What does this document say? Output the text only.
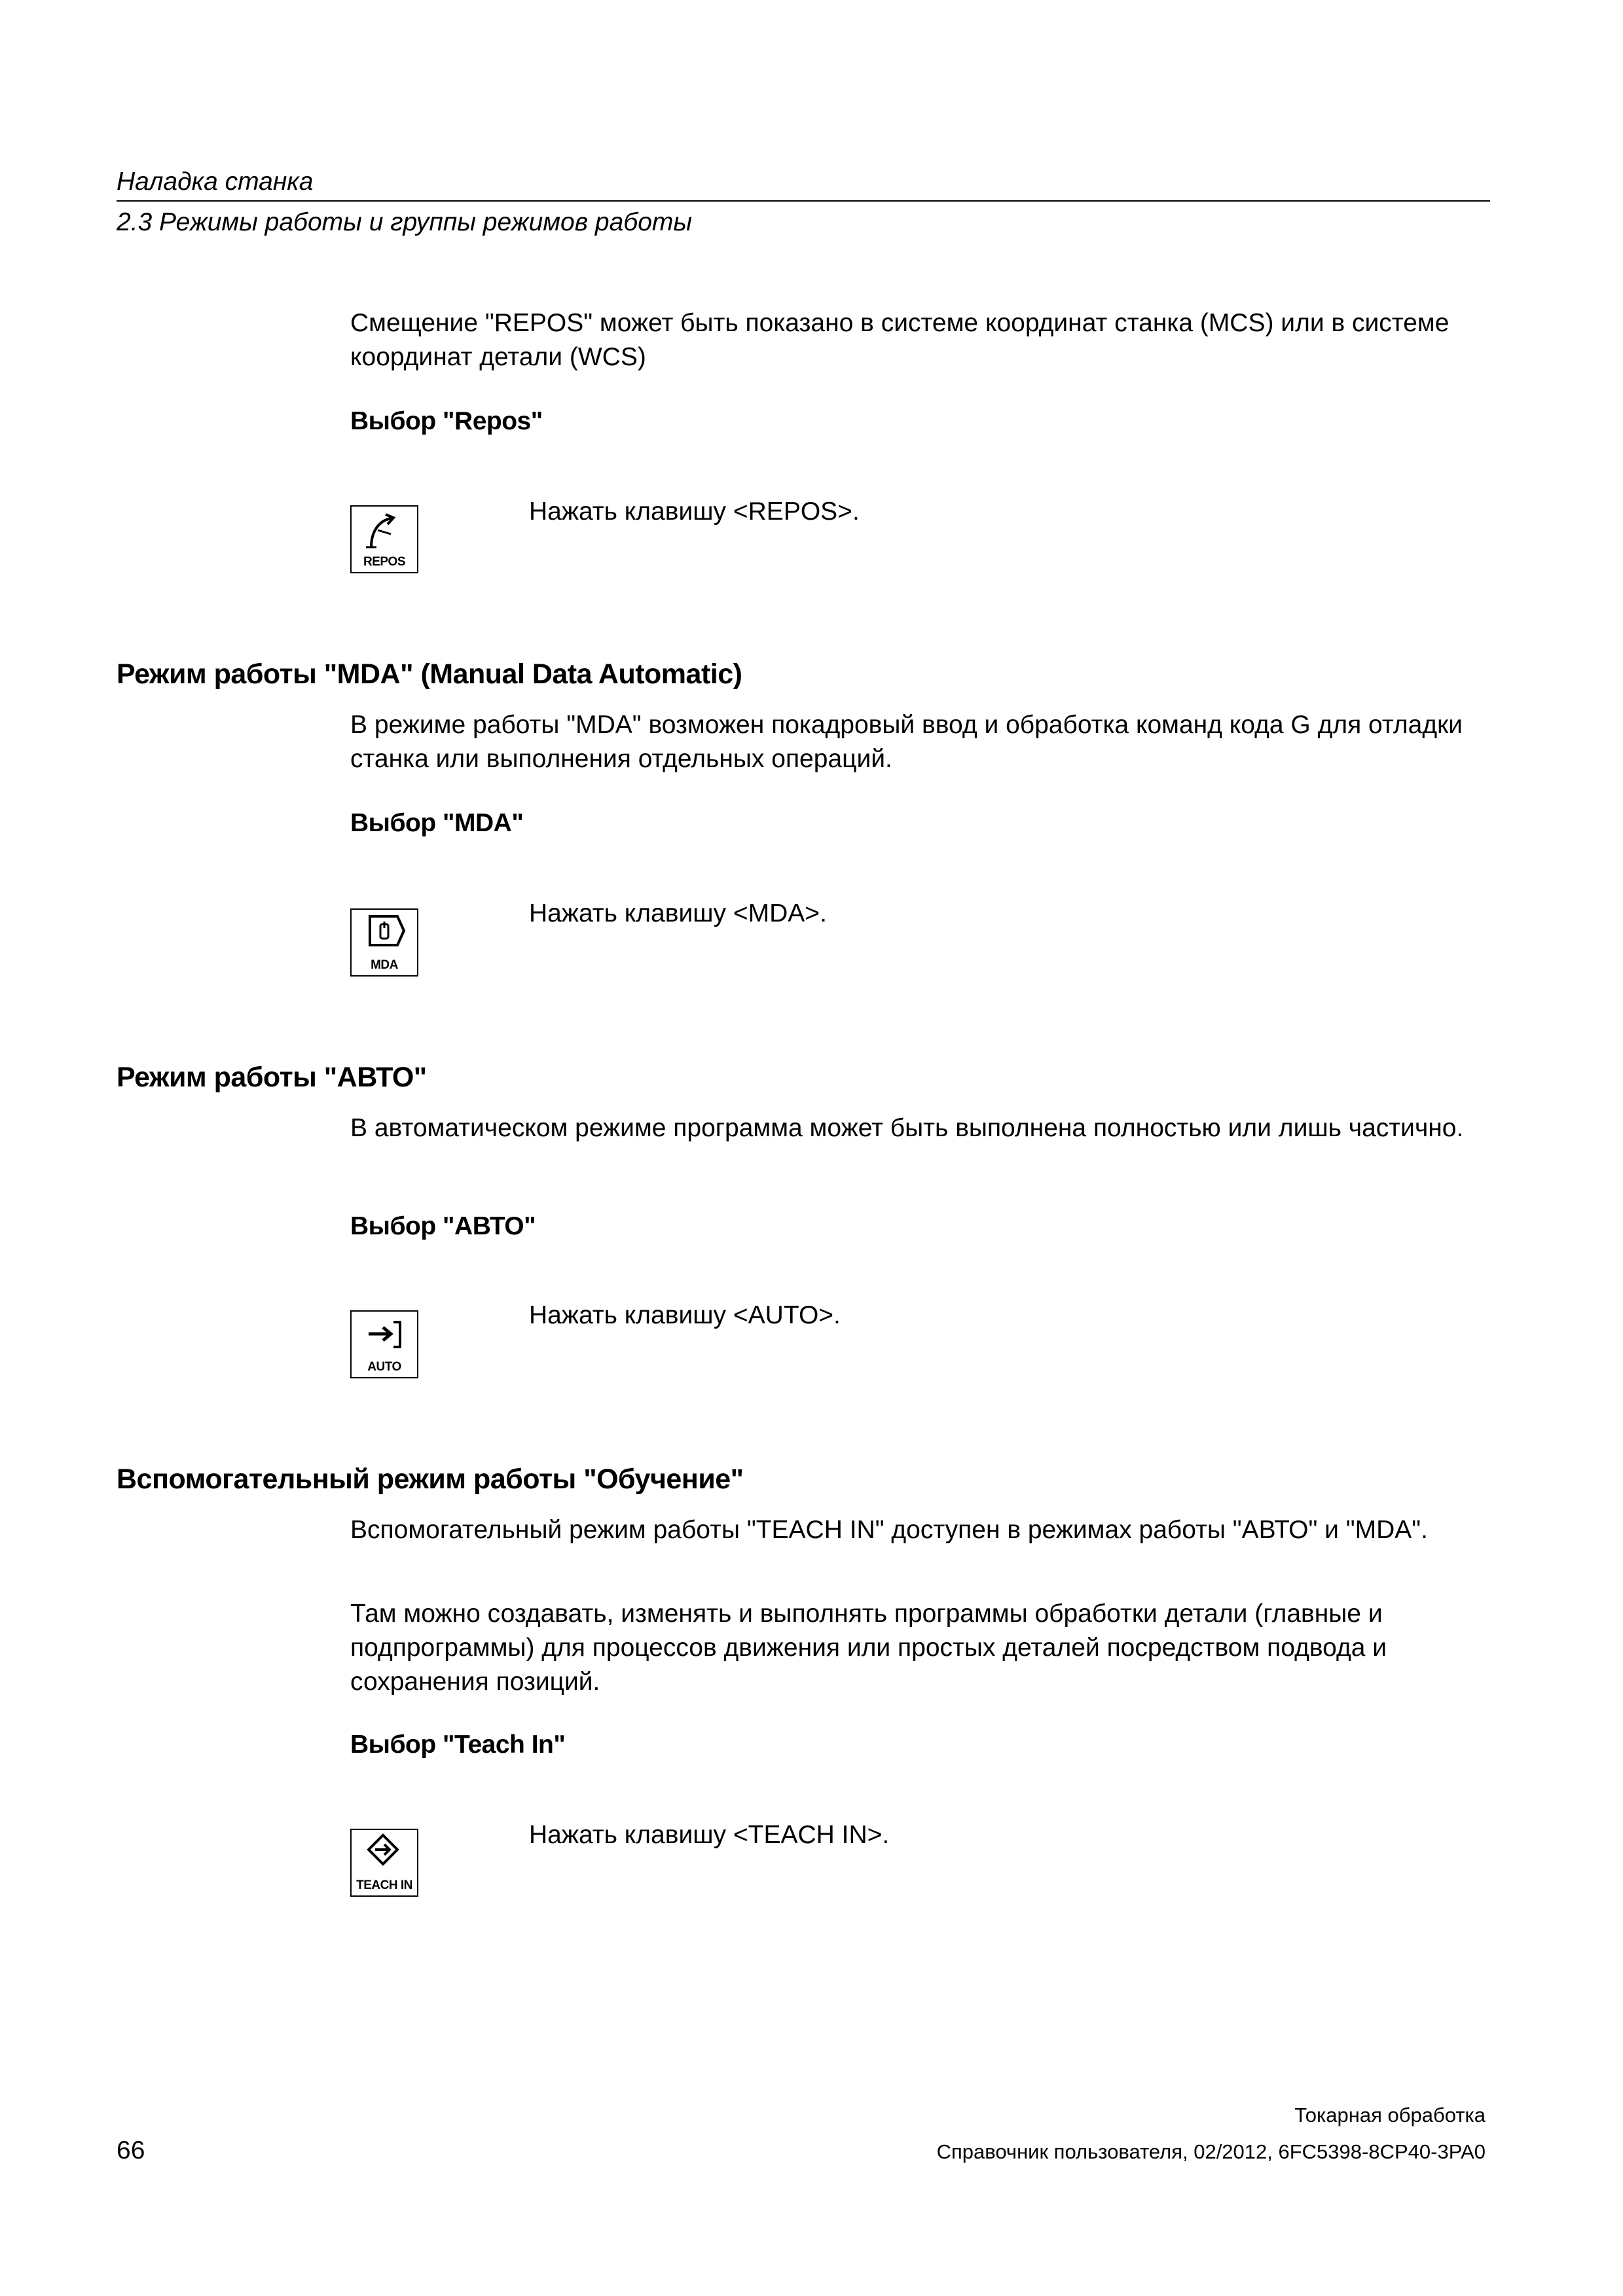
Наладка станка
2.3 Режимы работы и группы режимов работы

Смещение "REPOS" может быть показано в системе координат станка (MCS) или в системе координат детали (WCS)

Выбор "Repos"

REPOS

Нажать клавишу <REPOS>.

Режим работы "MDA" (Manual Data Automatic)

В режиме работы "MDA" возможен покадровый ввод и обработка команд кода G для отладки станка или выполнения отдельных операций.

Выбор "MDA"

MDA

Нажать клавишу <MDA>.

Режим работы "АВТО"

В автоматическом режиме программа может быть выполнена полностью или лишь частично.

Выбор "АВТО"

AUTO

Нажать клавишу <AUTO>.

Вспомогательный режим работы "Обучение"

Вспомогательный режим работы "TEACH IN" доступен в режимах работы "АВТО" и "MDA".

Там можно создавать, изменять и выполнять программы обработки детали (главные и подпрограммы) для процессов движения или простых деталей посредством подвода и сохранения позиций.

Выбор "Teach In"

TEACH IN

Нажать клавишу <TEACH IN>.

Токарная обработка
Справочник пользователя, 02/2012, 6FC5398-8CP40-3PA0
66
